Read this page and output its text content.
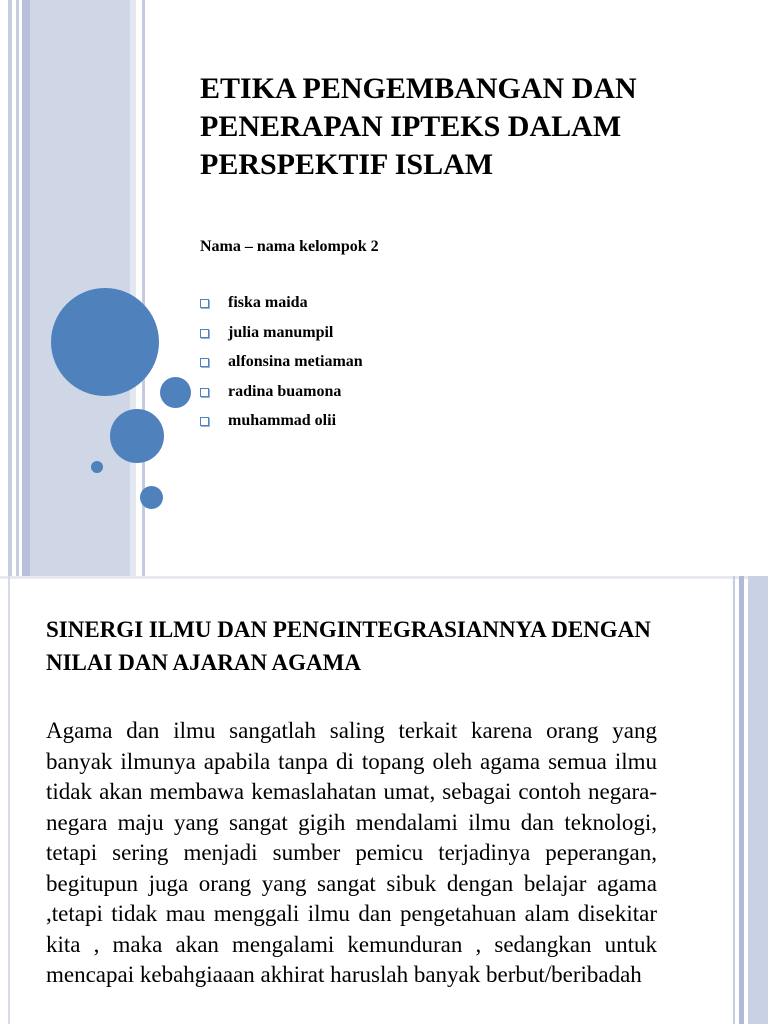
ETIKA PENGEMBANGAN DAN PENERAPAN IPTEKS DALAM PERSPEKTIF ISLAM
Nama – nama kelompok 2
fiska maida
julia manumpil
alfonsina metiaman
radina buamona
muhammad olii
SINERGI ILMU DAN PENGINTEGRASIANNYA DENGAN NILAI DAN AJARAN AGAMA

Agama dan ilmu sangatlah saling terkait karena orang yang banyak ilmunya apabila tanpa di topang oleh agama semua ilmu tidak akan membawa kemaslahatan umat, sebagai contoh negara- negara maju yang sangat gigih mendalami ilmu dan teknologi, tetapi sering menjadi sumber pemicu terjadinya peperangan, begitupun juga orang yang sangat sibuk dengan belajar agama ,tetapi tidak mau menggali ilmu dan pengetahuan alam disekitar kita , maka akan mengalami kemunduran , sedangkan untuk mencapai kebahgiaaan akhirat haruslah banyak berbut/beribadah
